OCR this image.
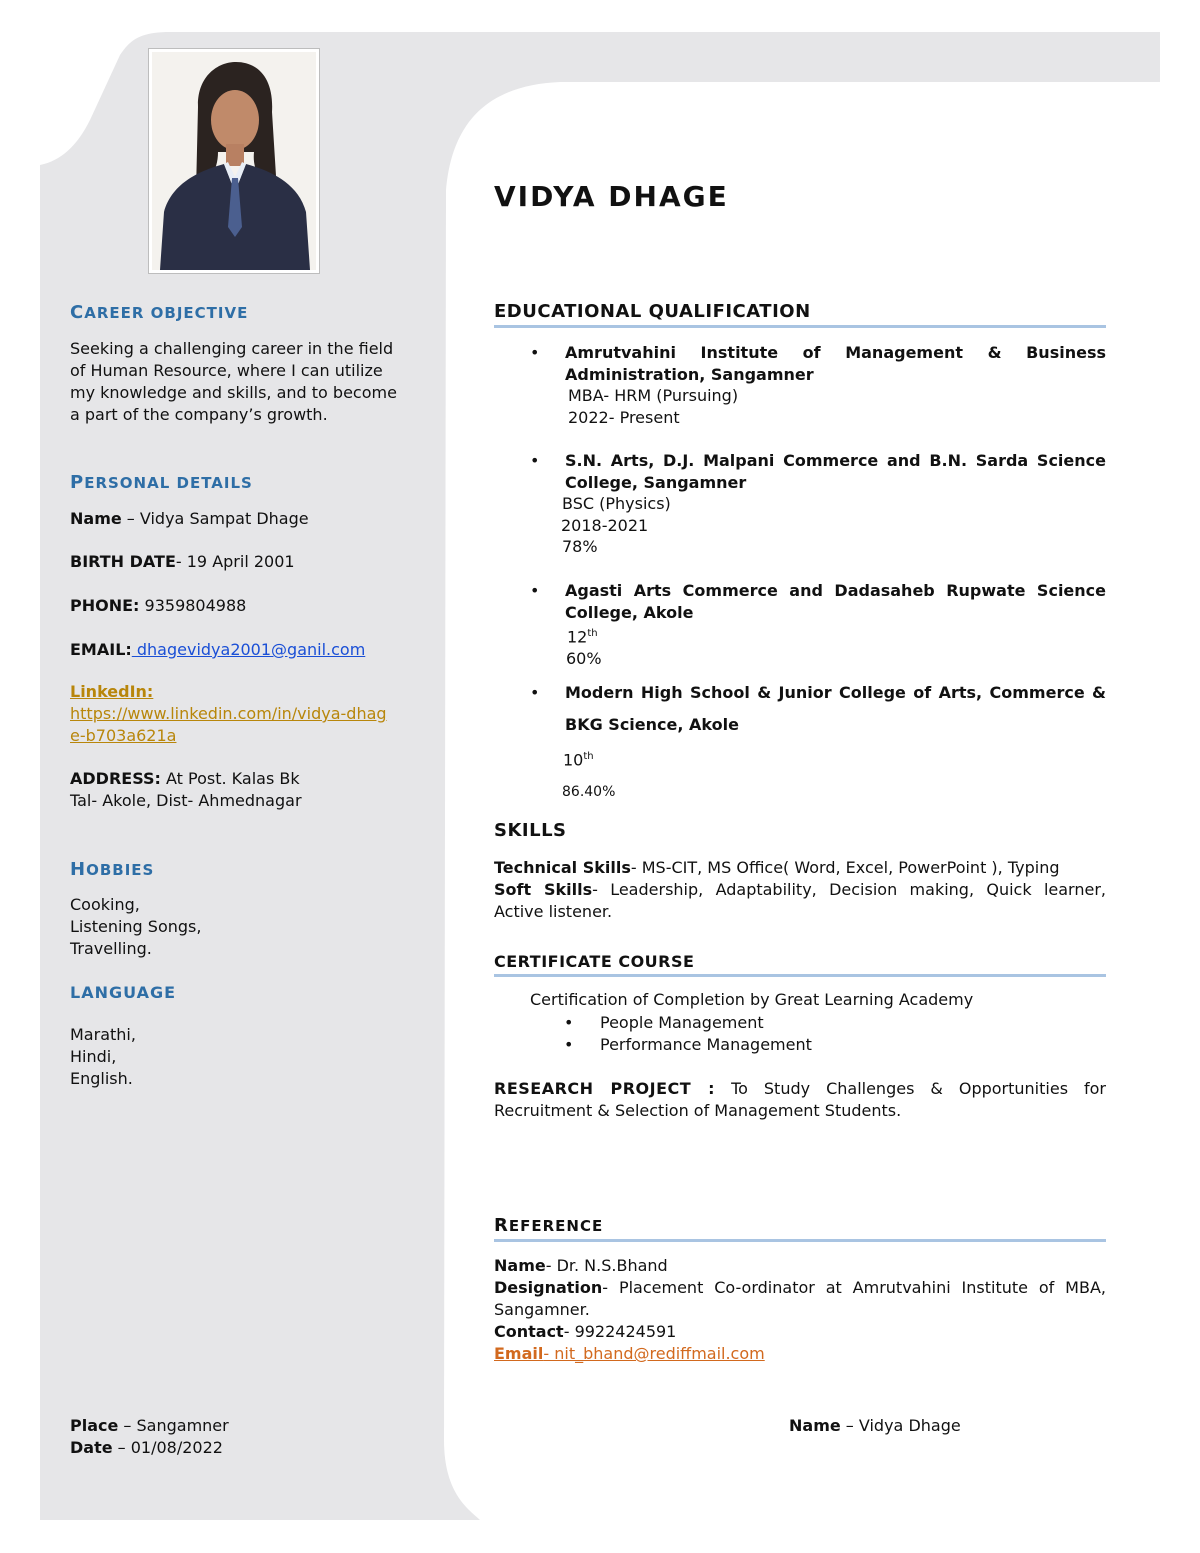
VIDYA DHAGE
CAREER OBJECTIVE

Seeking a challenging career in the field of Human Resource, where I can utilize my knowledge and skills, and to become a part of the company’s growth.

PERSONAL DETAILS
Name – Vidya Sampat Dhage
BIRTH DATE- 19 April 2001
PHONE: 9359804988
EMAIL: dhagevidya2001@ganil.com
LinkedIn:
https://www.linkedin.com/in/vidya-dhage-b703a621a
ADDRESS: At Post. Kalas Bk
Tal- Akole, Dist- Ahmednagar
HOBBIES
Cooking,
Listening Songs,
Travelling.
LANGUAGE
Marathi,
Hindi,
English.
Place – Sangamner
Date – 01/08/2022
EDUCATIONAL QUALIFICATION
• Amrutvahini Institute of Management & Business Administration, Sangamner
MBA- HRM (Pursuing)
2022- Present
• S.N. Arts, D.J. Malpani Commerce and B.N. Sarda Science College, Sangamner
BSC (Physics)
2018-2021
78%
• Agasti Arts Commerce and Dadasaheb Rupwate Science College, Akole
12th
60%
• Modern High School & Junior College of Arts, Commerce & BKG Science, Akole
10th
86.40%
SKILLS
Technical Skills- MS-CIT, MS Office( Word, Excel, PowerPoint ), Typing
Soft Skills- Leadership, Adaptability, Decision making, Quick learner, Active listener.
CERTIFICATE COURSE
Certification of Completion by Great Learning Academy
• People Management
• Performance Management
RESEARCH PROJECT : To Study Challenges & Opportunities for Recruitment & Selection of Management Students.
REFERENCE
Name- Dr. N.S.Bhand
Designation- Placement Co-ordinator at Amrutvahini Institute of MBA, Sangamner.
Contact- 9922424591
Email- nit_bhand@rediffmail.com
Name – Vidya Dhage
